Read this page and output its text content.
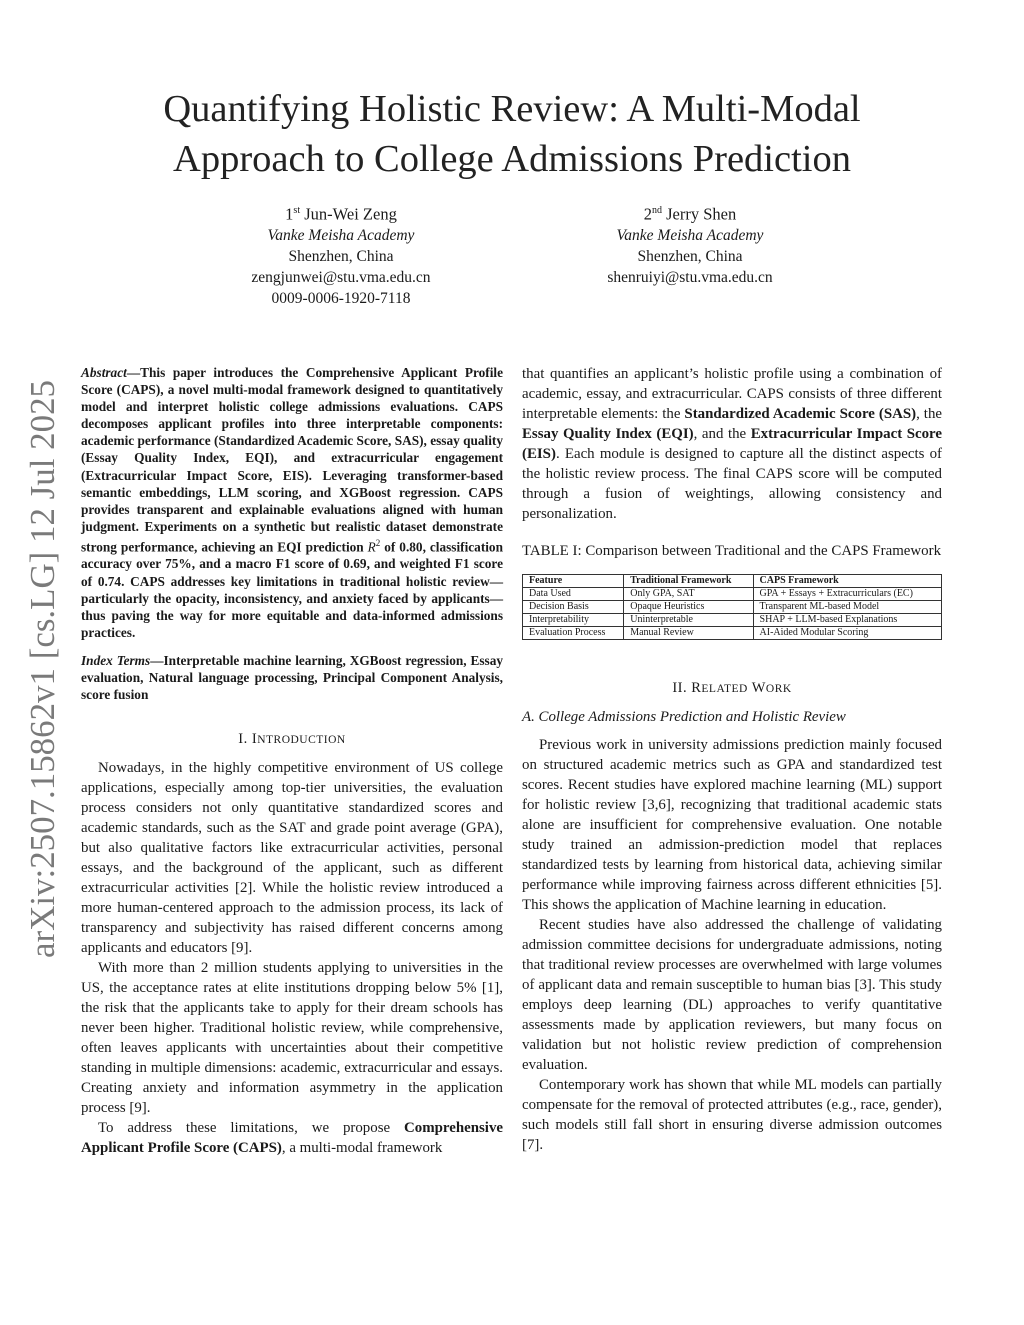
arXiv:2507.15862v1 [cs.LG] 12 Jul 2025
Quantifying Holistic Review: A Multi-Modal Approach to College Admissions Prediction
1st Jun-Wei Zeng
Vanke Meisha Academy
Shenzhen, China
zengjunwei@stu.vma.edu.cn
0009-0006-1920-7118
2nd Jerry Shen
Vanke Meisha Academy
Shenzhen, China
shenruiyi@stu.vma.edu.cn
Abstract—This paper introduces the Comprehensive Applicant Profile Score (CAPS), a novel multi-modal framework designed to quantitatively model and interpret holistic college admissions evaluations. CAPS decomposes applicant profiles into three interpretable components: academic performance (Standardized Academic Score, SAS), essay quality (Essay Quality Index, EQI), and extracurricular engagement (Extracurricular Impact Score, EIS). Leveraging transformer-based semantic embeddings, LLM scoring, and XGBoost regression. CAPS provides transparent and explainable evaluations aligned with human judgment. Experiments on a synthetic but realistic dataset demonstrate strong performance, achieving an EQI prediction $R^2$ of 0.80, classification accuracy over 75%, and a macro F1 score of 0.69, and weighted F1 score of 0.74. CAPS addresses key limitations in traditional holistic review—particularly the opacity, inconsistency, and anxiety faced by applicants—thus paving the way for more equitable and data-informed admissions practices.
Index Terms—Interpretable machine learning, XGBoost regression, Essay evaluation, Natural language processing, Principal Component Analysis, score fusion
I. INTRODUCTION

Nowadays, in the highly competitive environment of US college applications, especially among top-tier universities, the evaluation process considers not only quantitative standardized scores and academic standards, such as the SAT and grade point average (GPA), but also qualitative factors like extracurricular activities, personal essays, and the background of the applicant, such as different extracurricular activities [2]. While the holistic review introduced a more human-centered approach to the admission process, its lack of transparency and subjectivity has raised different concerns among applicants and educators [9].

With more than 2 million students applying to universities in the US, the acceptance rates at elite institutions dropping below 5% [1], the risk that the applicants take to apply for their dream schools has never been higher. Traditional holistic review, while comprehensive, often leaves applicants with uncertainties about their competitive standing in multiple dimensions: academic, extracurricular and essays. Creating anxiety and information asymmetry in the application process [9].

To address these limitations, we propose Comprehensive Applicant Profile Score (CAPS), a multi-modal framework

that quantifies an applicant’s holistic profile using a combination of academic, essay, and extracurricular. CAPS consists of three different interpretable elements: the Standardized Academic Score (SAS), the Essay Quality Index (EQI), and the Extracurricular Impact Score (EIS). Each module is designed to capture all the distinct aspects of the holistic review process. The final CAPS score will be computed through a fusion of weightings, allowing consistency and personalization.

TABLE I: Comparison between Traditional and the CAPS Framework

Feature	Traditional Framework	CAPS Framework
Data Used	Only GPA, SAT	GPA + Essays + Extracurriculars (EC)
Decision Basis	Opaque Heuristics	Transparent ML-based Model
Interpretability	Uninterpretable	SHAP + LLM-based Explanations
Evaluation Process	Manual Review	AI-Aided Modular Scoring
II. RELATED WORK
A. College Admissions Prediction and Holistic Review

Previous work in university admissions prediction mainly focused on structured academic metrics such as GPA and standardized test scores. Recent studies have explored machine learning (ML) support for holistic review [3,6], recognizing that traditional academic stats alone are insufficient for comprehensive evaluation. One notable study trained an admission-prediction model that replaces standardized tests by learning from historical data, achieving similar performance while improving fairness across different ethnicities [5]. This shows the application of Machine learning in education.

Recent studies have also addressed the challenge of validating admission committee decisions for undergraduate admissions, noting that traditional review processes are overwhelmed with large volumes of applicant data and remain susceptible to human bias [3]. This study employs deep learning (DL) approaches to verify quantitative assessments made by application reviewers, but many focus on validation but not holistic review prediction of comprehension evaluation.

Contemporary work has shown that while ML models can partially compensate for the removal of protected attributes (e.g., race, gender), such models still fall short in ensuring diverse admission outcomes [7].
